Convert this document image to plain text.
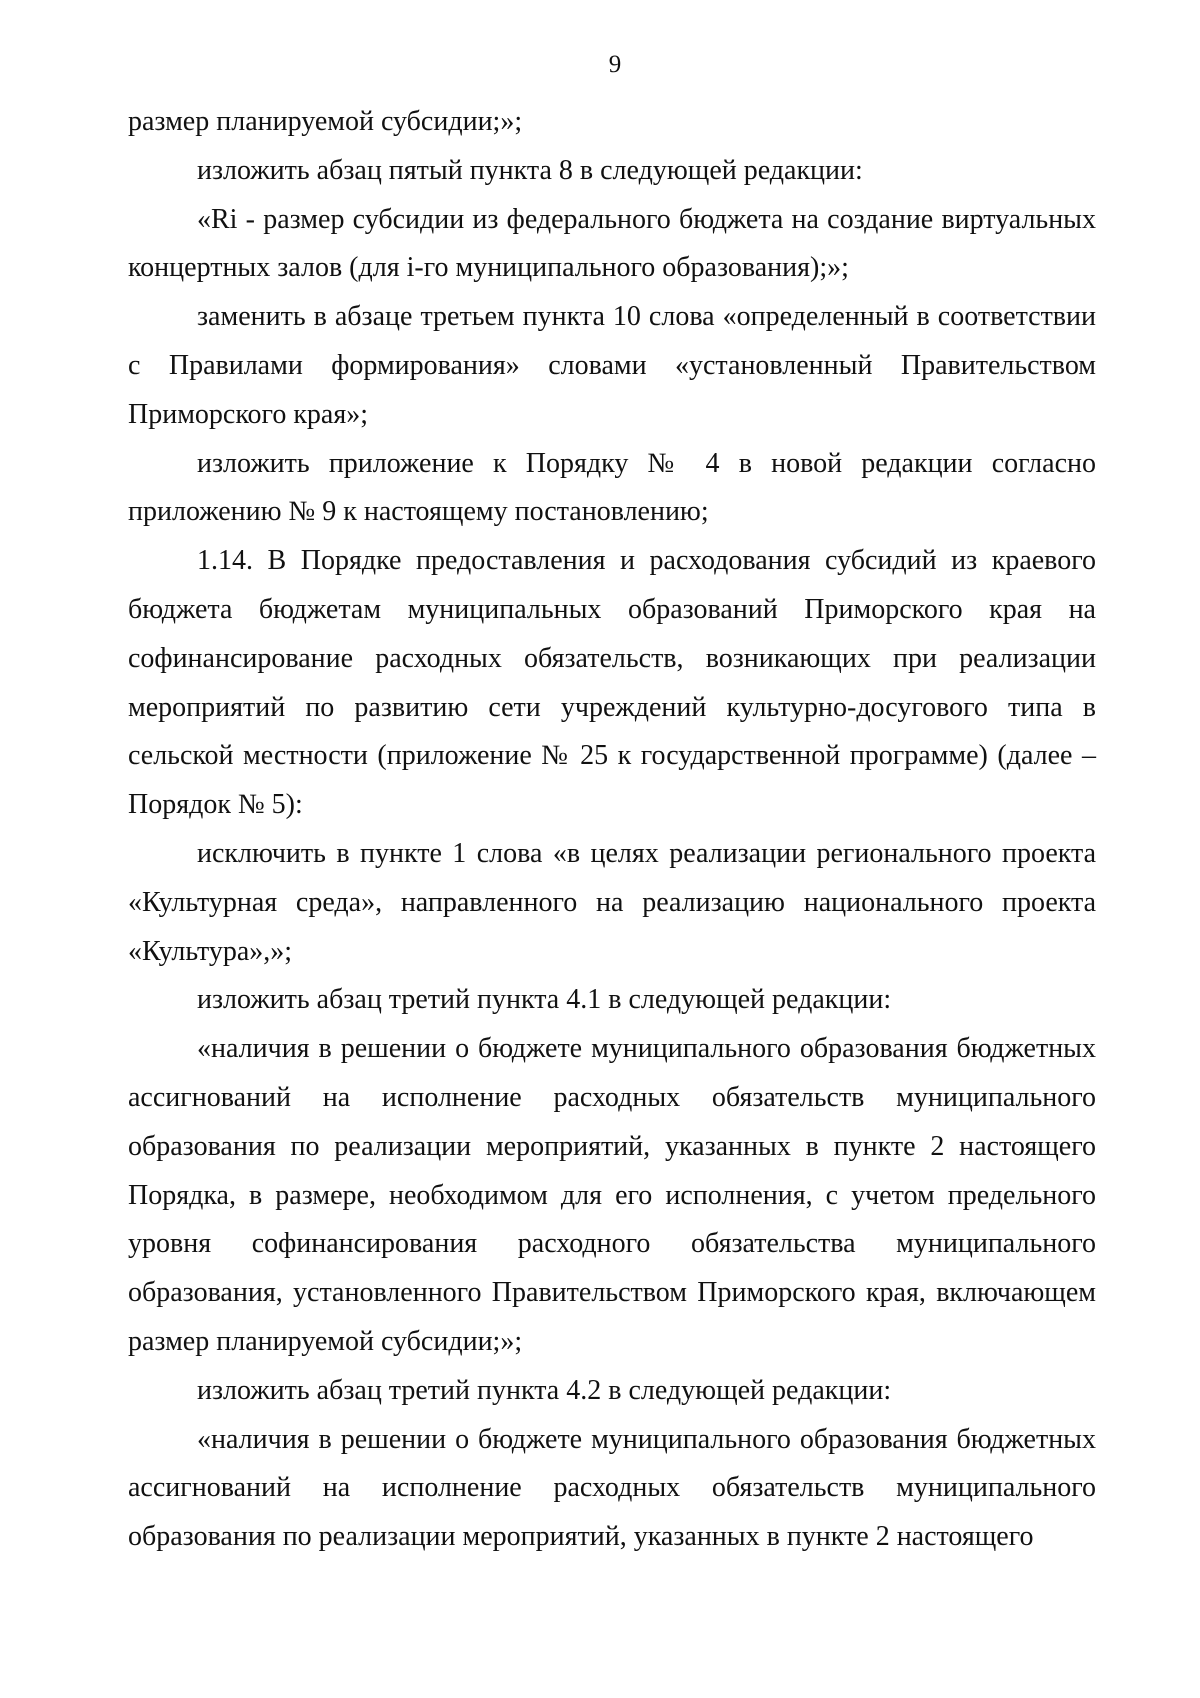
9

размер планируемой субсидии;»;

изложить абзац пятый пункта 8 в следующей редакции:

«Ri - размер субсидии из федерального бюджета на создание виртуальных концертных залов (для i-го муниципального образования);»;

заменить в абзаце третьем пункта 10 слова «определенный в соответствии с Правилами формирования» словами «установленный Правительством Приморского края»;

изложить приложение к Порядку № 4 в новой редакции согласно приложению № 9 к настоящему постановлению;

1.14. В Порядке предоставления и расходования субсидий из краевого бюджета бюджетам муниципальных образований Приморского края на софинансирование расходных обязательств, возникающих при реализации мероприятий по развитию сети учреждений культурно-досугового типа в сельской местности (приложение № 25 к государственной программе) (далее – Порядок № 5):

исключить в пункте 1 слова «в целях реализации регионального проекта «Культурная среда», направленного на реализацию национального проекта «Культура»,»;

изложить абзац третий пункта 4.1 в следующей редакции:

«наличия в решении о бюджете муниципального образования бюджетных ассигнований на исполнение расходных обязательств муниципального образования по реализации мероприятий, указанных в пункте 2 настоящего Порядка, в размере, необходимом для его исполнения, с учетом предельного уровня софинансирования расходного обязательства муниципального образования, установленного Правительством Приморского края, включающем размер планируемой субсидии;»;

изложить абзац третий пункта 4.2 в следующей редакции:

«наличия в решении о бюджете муниципального образования бюджетных ассигнований на исполнение расходных обязательств муниципального образования по реализации мероприятий, указанных в пункте 2 настоящего
